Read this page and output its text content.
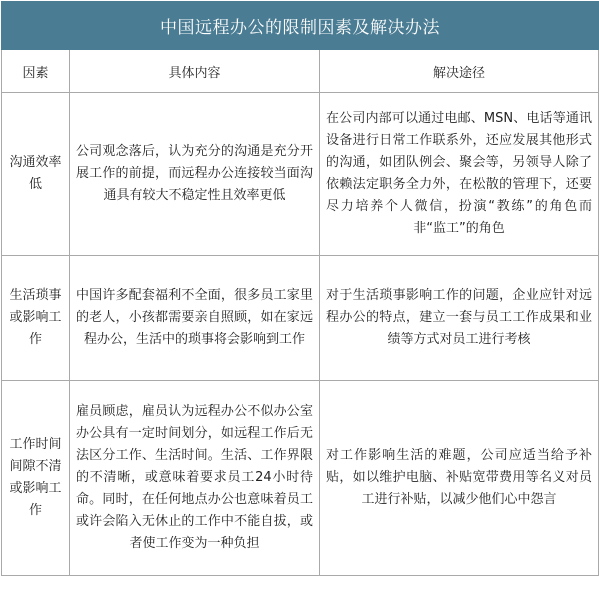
中国远程办公的限制因素及解决办法		
因素	具体内容	解决途径
沟通效率低	公司观念落后，认为充分的沟通是充分开展工作的前提，而远程办公连接较当面沟通具有较大不稳定性且效率更低	在公司内部可以通过电邮、MSN、电话等通讯设备进行日常工作联系外，还应发展其他形式的沟通，如团队例会、聚会等，另领导人除了依赖法定职务全力外，在松散的管理下，还要尽力培养个人微信，扮演“教练”的角色而非“监工”的角色
生活琐事或影响工作	中国许多配套福利不全面，很多员工家里的老人，小孩都需要亲自照顾，如在家远程办公，生活中的琐事将会影响到工作	对于生活琐事影响工作的问题，企业应针对远程办公的特点，建立一套与员工工作成果和业绩等方式对员工进行考核
工作时间间隙不清或影响工作	雇员顾虑，雇员认为远程办公不似办公室办公具有一定时间划分，如远程工作后无法区分工作、生活时间。生活、工作界限的不清晰，或意味着要求员工24小时待命。同时，在任何地点办公也意味着员工或许会陷入无休止的工作中不能自拔，或者使工作变为一种负担	对工作影响生活的难题，公司应适当给予补贴，如以维护电脑、补贴宽带费用等名义对员工进行补贴，以减少他们心中怨言
